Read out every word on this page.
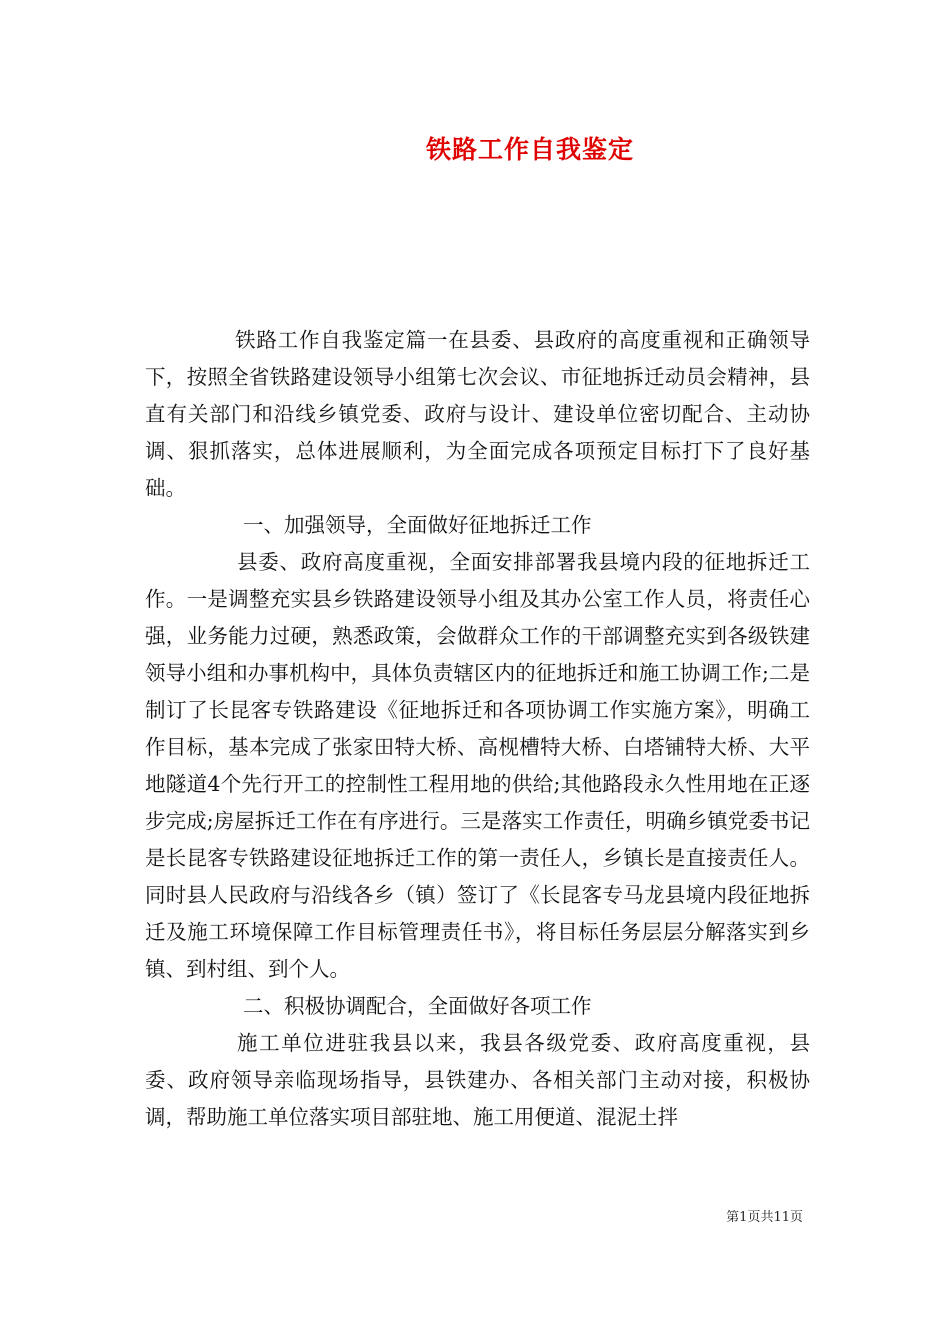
铁路工作自我鉴定

铁路工作自我鉴定篇一在县委、县政府的高度重视和正确领导下，按照全省铁路建设领导小组第七次会议、市征地拆迁动员会精神，县直有关部门和沿线乡镇党委、政府与设计、建设单位密切配合、主动协调、狠抓落实，总体进展顺利，为全面完成各项预定目标打下了良好基础。

一、加强领导，全面做好征地拆迁工作

县委、政府高度重视，全面安排部署我县境内段的征地拆迁工作。一是调整充实县乡铁路建设领导小组及其办公室工作人员，将责任心强，业务能力过硬，熟悉政策，会做群众工作的干部调整充实到各级铁建领导小组和办事机构中，具体负责辖区内的征地拆迁和施工协调工作;二是制订了长昆客专铁路建设《征地拆迁和各项协调工作实施方案》，明确工作目标，基本完成了张家田特大桥、高枧槽特大桥、白塔铺特大桥、大平地隧道4个先行开工的控制性工程用地的供给;其他路段永久性用地在正逐步完成;房屋拆迁工作在有序进行。三是落实工作责任，明确乡镇党委书记是长昆客专铁路建设征地拆迁工作的第一责任人，乡镇长是直接责任人。同时县人民政府与沿线各乡（镇）签订了《长昆客专马龙县境内段征地拆迁及施工环境保障工作目标管理责任书》，将目标任务层层分解落实到乡镇、到村组、到个人。

二、积极协调配合，全面做好各项工作

施工单位进驻我县以来，我县各级党委、政府高度重视，县委、政府领导亲临现场指导，县铁建办、各相关部门主动对接，积极协调，帮助施工单位落实项目部驻地、施工用便道、混泥土拌

第1页共11页
